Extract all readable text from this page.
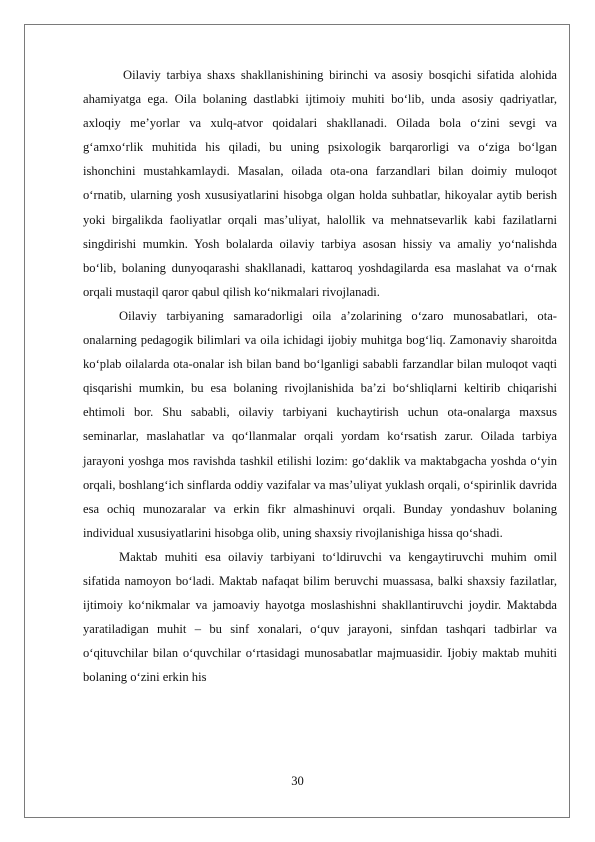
Oilaviy tarbiya shaxs shakllanishining birinchi va asosiy bosqichi sifatida alohida ahamiyatga ega. Oila bolaning dastlabki ijtimoiy muhiti bo‘lib, unda asosiy qadriyatlar, axloqiy me’yorlar va xulq-atvor qoidalari shakllanadi. Oilada bola o‘zini sevgi va g‘amxo‘rlik muhitida his qiladi, bu uning psixologik barqarorligi va o‘ziga bo‘lgan ishonchini mustahkamlaydi. Masalan, oilada ota-ona farzandlari bilan doimiy muloqot o‘rnatib, ularning yosh xususiyatlarini hisobga olgan holda suhbatlar, hikoyalar aytib berish yoki birgalikda faoliyatlar orqali mas’uliyat, halollik va mehnatsevarlik kabi fazilatlarni singdirishi mumkin. Yosh bolalarda oilaviy tarbiya asosan hissiy va amaliy yo‘nalishda bo‘lib, bolaning dunyoqarashi shakllanadi, kattaroq yoshdagilarda esa maslahat va o‘rnak orqali mustaqil qaror qabul qilish ko‘nikmalari rivojlanadi.

Oilaviy tarbiyaning samaradorligi oila a’zolarining o‘zaro munosabatlari, ota-onalarning pedagogik bilimlari va oila ichidagi ijobiy muhitga bog‘liq. Zamonaviy sharoitda ko‘plab oilalarda ota-onalar ish bilan band bo‘lganligi sababli farzandlar bilan muloqot vaqti qisqarishi mumkin, bu esa bolaning rivojlanishida ba’zi bo‘shliqlarni keltirib chiqarishi ehtimoli bor. Shu sababli, oilaviy tarbiyani kuchaytirish uchun ota-onalarga maxsus seminarlar, maslahatlar va qo‘llanmalar orqali yordam ko‘rsatish zarur. Oilada tarbiya jarayoni yoshga mos ravishda tashkil etilishi lozim: go‘daklik va maktabgacha yoshda o‘yin orqali, boshlang‘ich sinflarda oddiy vazifalar va mas’uliyat yuklash orqali, o‘spirinlik davrida esa ochiq munozaralar va erkin fikr almashinuvi orqali. Bunday yondashuv bolaning individual xususiyatlarini hisobga olib, uning shaxsiy rivojlanishiga hissa qo‘shadi.

Maktab muhiti esa oilaviy tarbiyani to‘ldiruvchi va kengaytiruvchi muhim omil sifatida namoyon bo‘ladi. Maktab nafaqat bilim beruvchi muassasa, balki shaxsiy fazilatlar, ijtimoiy ko‘nikmalar va jamoaviy hayotga moslashishni shakllantiruvchi joydir. Maktabda yaratiladigan muhit – bu sinf xonalari, o‘quv jarayoni, sinfdan tashqari tadbirlar va o‘qituvchilar bilan o‘quvchilar o‘rtasidagi munosabatlar majmuasidir. Ijobiy maktab muhiti bolaning o‘zini erkin his

30
